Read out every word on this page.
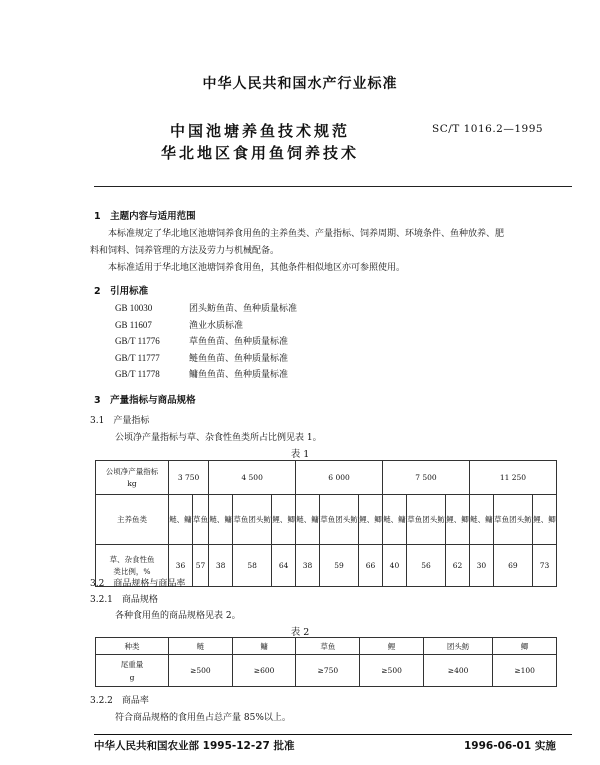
中华人民共和国水产行业标准
中国池塘养鱼技术规范
华北地区食用鱼饲养技术
SC/T 1016.2—1995
1　主题内容与适用范围
本标准规定了华北地区池塘饲养食用鱼的主养鱼类、产量指标、饲养周期、环境条件、鱼种放养、肥
料和饲料、饲养管理的方法及劳力与机械配备。
本标准适用于华北地区池塘饲养食用鱼，其他条件相似地区亦可参照使用。
2　引用标准
GB 10030	团头鲂鱼苗、鱼种质量标准
GB 11607	渔业水质标准
GB/T 11776	草鱼鱼苗、鱼种质量标准
GB/T 11777	鲢鱼鱼苗、鱼种质量标准
GB/T 11778	鳙鱼鱼苗、鱼种质量标准
3　产量指标与商品规格
3.1　产量指标
公顷净产量指标与草、杂食性鱼类所占比例见表 1。
表 1
公顷净产量指标
kg	3 750		4 500			6 000			7 500			11 250		
主养鱼类	鲢、鳙	草鱼	鲢、鳙	草鱼团头鲂	鲤、鲫	鲢、鳙	草鱼团头鲂	鲤、鲫	鲢、鳙	草鱼团头鲂	鲤、鲫	鲢、鳙	草鱼团头鲂	鲤、鲫
草、杂食性鱼
类比例，%	36	57	38	58	64	38	59	66	40	56	62	30	69	73
3.2　商品规格与商品率
3.2.1　商品规格
各种食用鱼的商品规格见表 2。
表 2
种类	鲢	鳙	草鱼	鲤	团头鲂	鲫
尾重量
g	≥500	≥600	≥750	≥500	≥400	≥100
3.2.2　商品率
符合商品规格的食用鱼占总产量 85%以上。
中华人民共和国农业部 1995-12-27 批准	1996-06-01 实施
